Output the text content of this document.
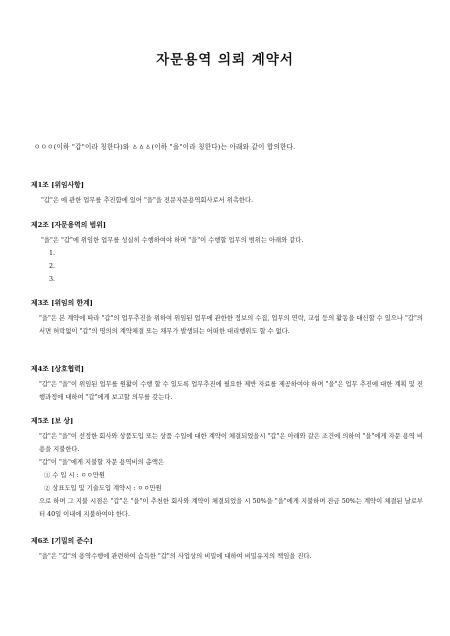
자문용역 의뢰 계약서
ㅇㅇㅇ(이하 "갑"이라 칭한다)와 ㅿㅿㅿ(이하 "을"이라 칭한다)는 아래와 같이 합의한다.
제1조 [위임사항]
"갑"은 에 관한 업무를 추진함에 있어 "을"을 전문자문용역회사로서 위촉한다.
제2조 [자문용역의 범위]
"을"은 "갑"에 위임한 업무를 성실히 수행하여야 하며 "을"이 수행할 업무의 범위는 아래와 같다.
1.
2.
3.
제3조 [위임의 한계]
"을"은 본 계약에 따라 "갑"의 업무추진을 위하여 위임된 업무에 관한한 정보의 수집, 업무의 연락, 교섭 등의 활동을 대신할 수 있으나 "갑"의 서면 허락없이 "갑"의 명의의 계약체결 또는 채무가 발생되는 어떠한 대리행위도 할 수 없다.
제4조 [상호협력]
"갑"은 "을"이 위임된 업무를 원활이 수행 할 수 있도록 업무추진에 필요한 제반 자료를 제공하여야 하며 "을"은 업무 추진에 대한 계획 및 진행과정에 대하여 "갑"에게 보고할 의무를 갖는다.
제5조 [보 상]
"갑"은 "을"이 선정한 회사와 상품도입 또는 상품 수입에 대한 계약이 체결되었을시 "갑"은 아래와 같은 조건에 의하여 "을"에게 자문 용역 비용을 지불한다.
"갑"이 "을"에게 지불할 자문 용역비의 총액은
① 수 입 시 : ㅇㅇ만원
② 상표도입 및 기술도입 계약시 : ㅇㅇ만원
으로 하며 그 지불 시점은 "갑"은 "을"이 추천한 회사와 계약이 체결되었을 시 50%을 "을"에게 지불하며 잔금 50%는 계약이 체결된 날로부터 40일 이내에 지불하여야 한다.
제6조 [기밀의 준수]
"을"은 "갑"의 용역수행에 관련하여 습득한 "갑"의 사업상의 비밀에 대하여 비밀유지의 책임을 진다.
